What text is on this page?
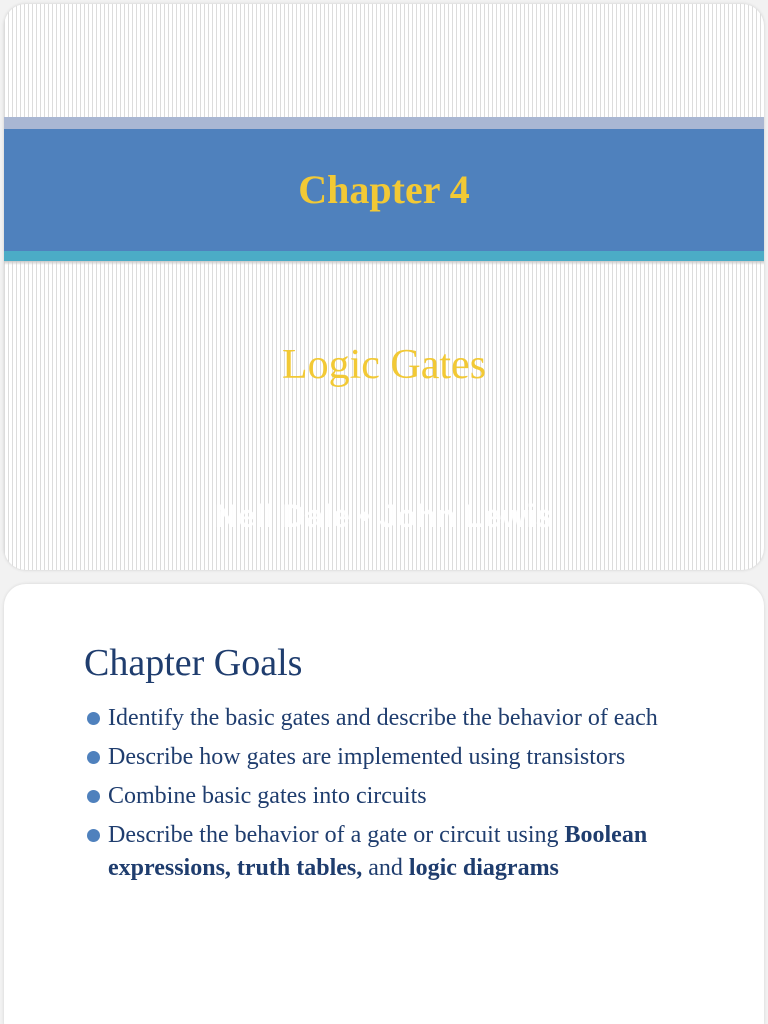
Chapter 4
Logic Gates
Nell Dale • John Lewis
Chapter Goals
Identify the basic gates and describe the behavior of each
Describe how gates are implemented using transistors
Combine basic gates into circuits
Describe the behavior of a gate or circuit using Boolean expressions, truth tables, and logic diagrams
